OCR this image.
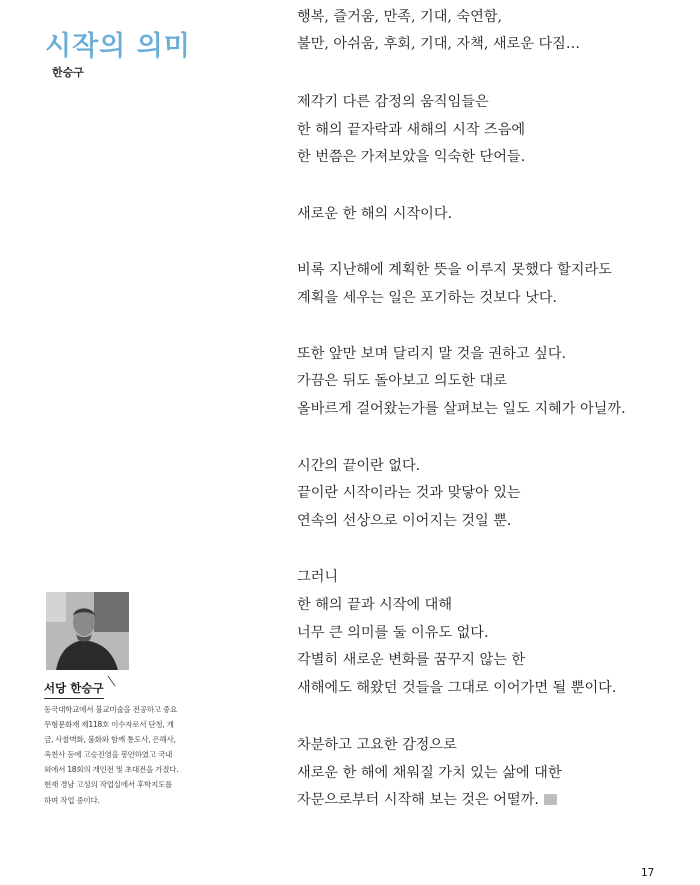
시작의 의미
한승구
행복, 즐거움, 만족, 기대, 숙연함,
불만, 아쉬움, 후회, 기대, 자책, 새로운 다짐…
제각기 다른 감정의 움직임들은
한 해의 끝자락과 새해의 시작 즈음에
한 번쯤은 가져보았을 익숙한 단어들.
새로운 한 해의 시작이다.
비록 지난해에 계획한 뜻을 이루지 못했다 할지라도
계획을 세우는 일은 포기하는 것보다 낫다.
또한 앞만 보며 달리지 말 것을 권하고 싶다.
가끔은 뒤도 돌아보고 의도한 대로
올바르게 걸어왔는가를 살펴보는 일도 지혜가 아닐까.
시간의 끝이란 없다.
끝이란 시작이라는 것과 맞닿아 있는
연속의 선상으로 이어지는 것일 뿐.
그러니
한 해의 끝과 시작에 대해
너무 큰 의미를 둘 이유도 없다.
각별히 새로운 변화를 꿈꾸지 않는 한
새해에도 해왔던 것들을 그대로 이어가면 될 뿐이다.
차분하고 고요한 감정으로
새로운 한 해에 채워질 가치 있는 삶에 대한
자문으로부터 시작해 보는 것은 어떨까.
서당 한승구
동국대학교에서 불교미술을 전공하고 중요
무형문화재 제118호 이수자로서 단청, 개
금, 사찰벽화, 불화와 함께 통도사, 은해사,
옥천사 등에 고승진영을 봉안하였고 국내
외에서 18회의 개인전 및 초대전을 가졌다.
현재 경남 고성의 작업실에서 후학지도를
하며 작업 중이다.
17
